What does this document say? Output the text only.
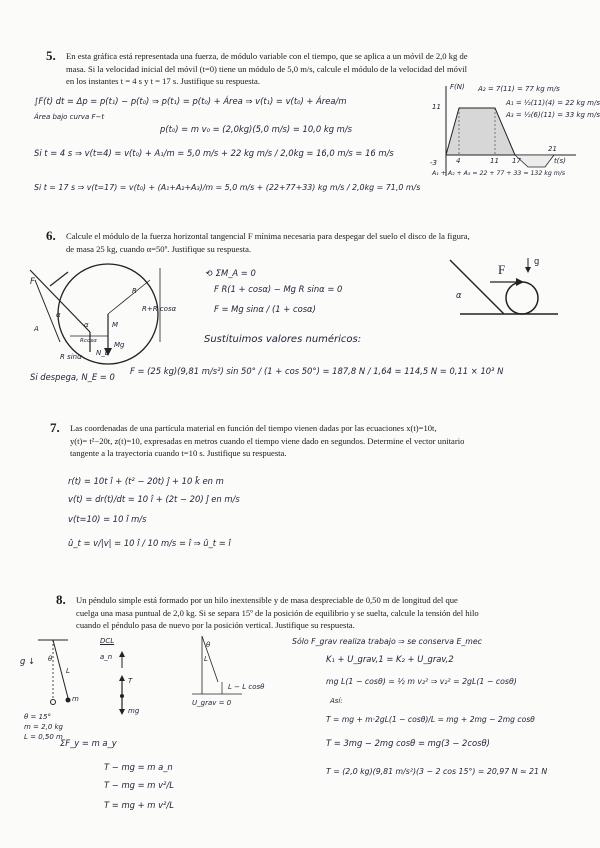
5. En esta gráfica está representada una fuerza, de módulo variable con el tiempo, que se aplica a un móvil de 2,0 kg de
masa. Si la velocidad inicial del móvil (t=0) tiene un módulo de 5,0 m/s, calcule el módulo de la velocidad del móvil
en los instantes t = 4 s y t = 17 s. Justifique su respuesta.
∫F(t) dt = Δp = p(t₁) − p(t₀) ⇒ p(t₁) = p(t₀) + Área ⇒ v(t₁) = v(t₀) + Área/m
Área bajo curva F−t
p(t₀) = m v₀ = (2,0kg)(5,0 m/s) = 10,0 kg m/s
Si t = 4 s ⇒ v(t=4) = v(t₀) + A₁/m = 5,0 m/s + 22 kg m/s / 2,0kg = 16,0 m/s = 16 m/s
Si t = 17 s ⇒ v(t=17) = v(t₀) + (A₁+A₂+A₃)/m = 5,0 m/s + (22+77+33) kg m/s / 2,0kg = 71,0 m/s
A₂ = 7(11) = 77 kg m/s
A₁ = ½(11)(4) = 22 kg m/s
A₃ = ½(6)(11) = 33 kg m/s
A₁ + A₂ + A₃ = 22 + 77 + 33 = 132 kg m/s
F(N)
11
-3	4	11 17
21
t(s)
6. Calcule el módulo de la fuerza horizontal tangencial F mínima necesaria para despegar del suelo el disco de la figura,
de masa 25 kg, cuando α=50º. Justifique su respuesta.
F
R
R+R cosα
α	M
Mg
R sinα N_E
A
α
Rcosα
Si despega, N_E = 0
⟲ ΣM_A = 0
F R(1 + cosα) − Mg R sinα = 0
F = Mg sinα / (1 + cosα)
Sustituimos valores numéricos:
F = (25 kg)(9,81 m/s²) sin 50° / (1 + cos 50°) = 187,8 N / 1,64 = 114,5 N = 0,11 × 10³ N
F
g
α
7. Las coordenadas de una partícula material en función del tiempo vienen dadas por las ecuaciones x(t)=10t,
y(t)= t²−20t, z(t)=10, expresadas en metros cuando el tiempo viene dado en segundos. Determine el vector unitario
tangente a la trayectoria cuando t=10 s. Justifique su respuesta.
r(t) = 10t î + (t² − 20t) ĵ + 10 k̂ en m
v(t) = dr(t)/dt = 10 î + (2t − 20) ĵ en m/s
v(t=10) = 10 î m/s
û_t = v/|v| = 10 î / 10 m/s = î ⇒ û_t = î
8. Un péndulo simple está formado por un hilo inextensible y de masa despreciable de 0,50 m de longitud del que
cuelga una masa puntual de 2,0 kg. Si se separa 15º de la posición de equilibrio y se suelta, calcule la tensión del hilo
cuando el péndulo pasa de nuevo por la posición vertical. Justifique su respuesta.
g ↓ θ
L
m
θ = 15°
m = 2,0 kg
L = 0,50 m
DCL
a_n
T
mg
L − L cosθ
U_grav = 0
L
θ
ΣF_y = m a_y
T − mg = m a_n
T − mg = m v²/L
T = mg + m v²/L
Sólo F_grav realiza trabajo ⇒ se conserva E_mec
K₁ + U_grav,1 = K₂ + U_grav,2
mg L(1 − cosθ) = ½ m v₂² ⇒ v₂² = 2gL(1 − cosθ)
Así:
T = mg + m·2gL(1 − cosθ)/L = mg + 2mg − 2mg cosθ
T = 3mg − 2mg cosθ = mg(3 − 2cosθ)
T = (2,0 kg)(9,81 m/s²)(3 − 2 cos 15°) = 20,97 N ≈ 21 N
